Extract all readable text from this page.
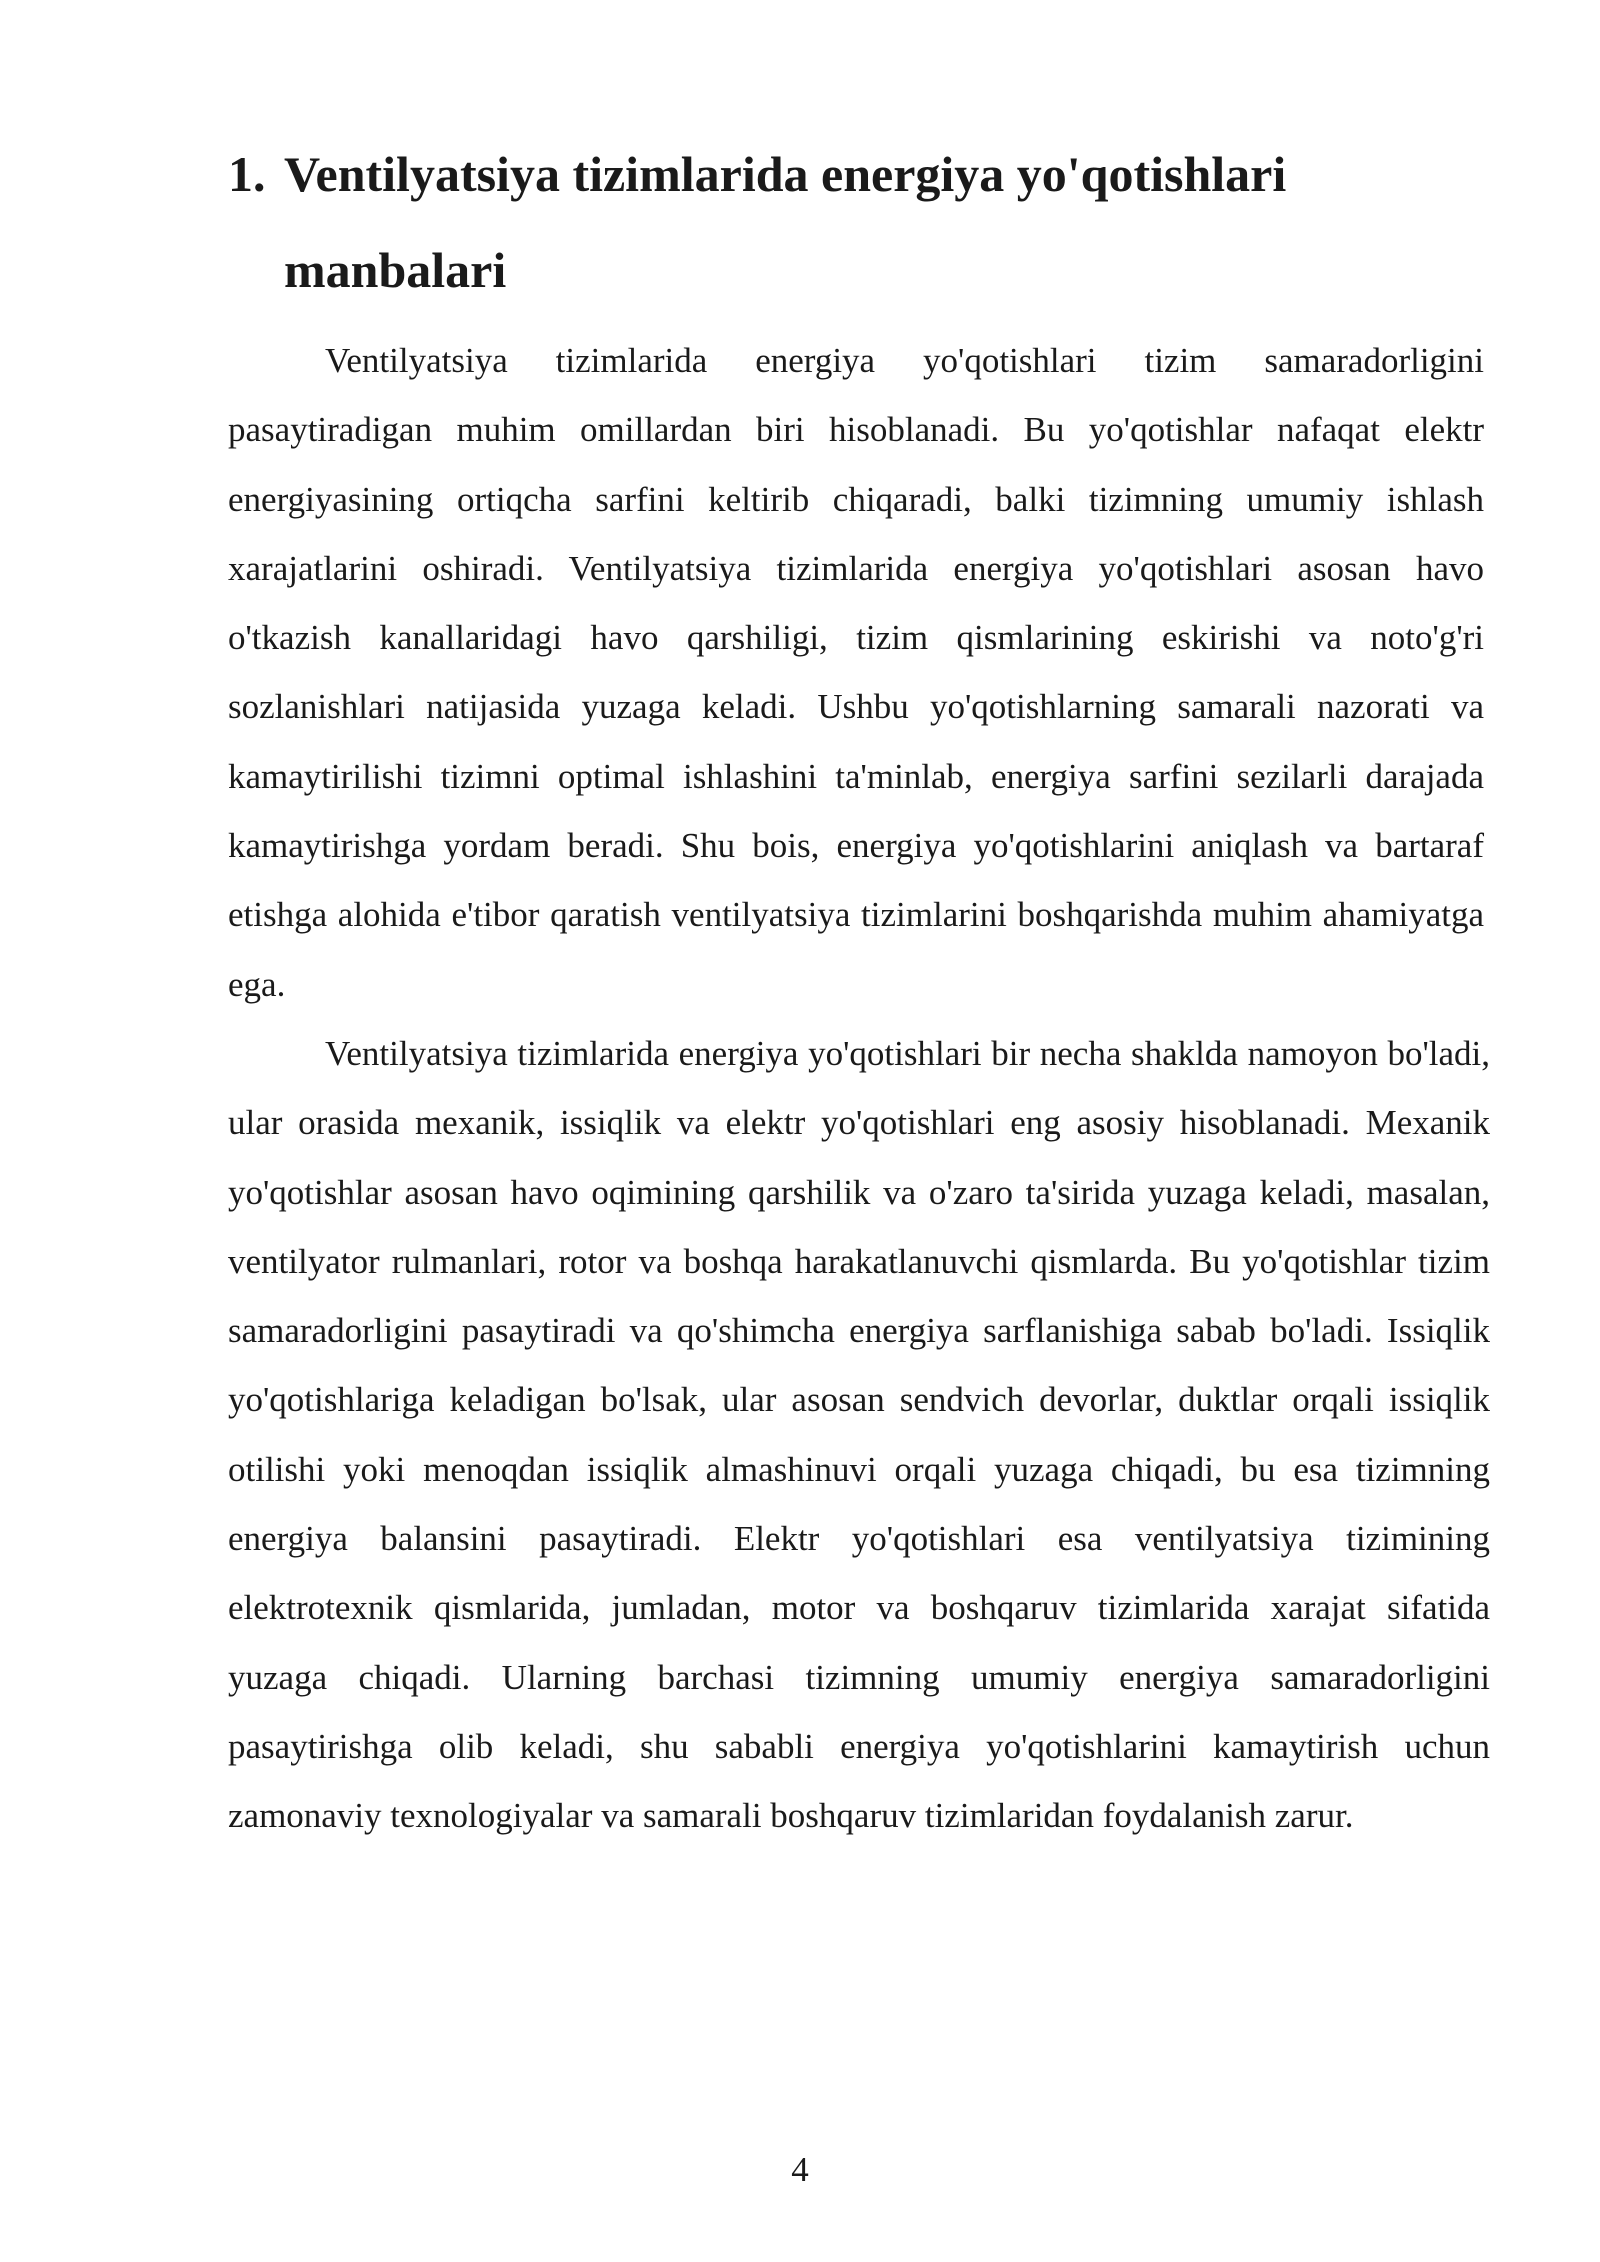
1. Ventilyatsiya tizimlarida energiya yo'qotishlari
manbalari

Ventilyatsiya tizimlarida energiya yo'qotishlari tizim samaradorligini pasaytiradigan muhim omillardan biri hisoblanadi. Bu yo'qotishlar nafaqat elektr energiyasining ortiqcha sarfini keltirib chiqaradi, balki tizimning umumiy ishlash xarajatlarini oshiradi. Ventilyatsiya tizimlarida energiya yo'qotishlari asosan havo o'tkazish kanallaridagi havo qarshiligi, tizim qismlarining eskirishi va noto'g'ri sozlanishlari natijasida yuzaga keladi. Ushbu yo'qotishlarning samarali nazorati va kamaytirilishi tizimni optimal ishlashini ta'minlab, energiya sarfini sezilarli darajada kamaytirishga yordam beradi. Shu bois, energiya yo'qotishlarini aniqlash va bartaraf etishga alohida e'tibor qaratish ventilyatsiya tizimlarini boshqarishda muhim ahamiyatga ega.

Ventilyatsiya tizimlarida energiya yo'qotishlari bir necha shaklda namoyon bo'ladi, ular orasida mexanik, issiqlik va elektr yo'qotishlari eng asosiy hisoblanadi. Mexanik yo'qotishlar asosan havo oqimining qarshilik va o'zaro ta'sirida yuzaga keladi, masalan, ventilyator rulmanlari, rotor va boshqa harakatlanuvchi qismlarda. Bu yo'qotishlar tizim samaradorligini pasaytiradi va qo'shimcha energiya sarflanishiga sabab bo'ladi. Issiqlik yo'qotishlariga keladigan bo'lsak, ular asosan sendvich devorlar, duktlar orqali issiqlik otilishi yoki menoqdan issiqlik almashinuvi orqali yuzaga chiqadi, bu esa tizimning energiya balansini pasaytiradi. Elektr yo'qotishlari esa ventilyatsiya tizimining elektrotexnik qismlarida, jumladan, motor va boshqaruv tizimlarida xarajat sifatida yuzaga chiqadi. Ularning barchasi tizimning umumiy energiya samaradorligini pasaytirishga olib keladi, shu sababli energiya yo'qotishlarini kamaytirish uchun zamonaviy texnologiyalar va samarali boshqaruv tizimlaridan foydalanish zarur.

4
